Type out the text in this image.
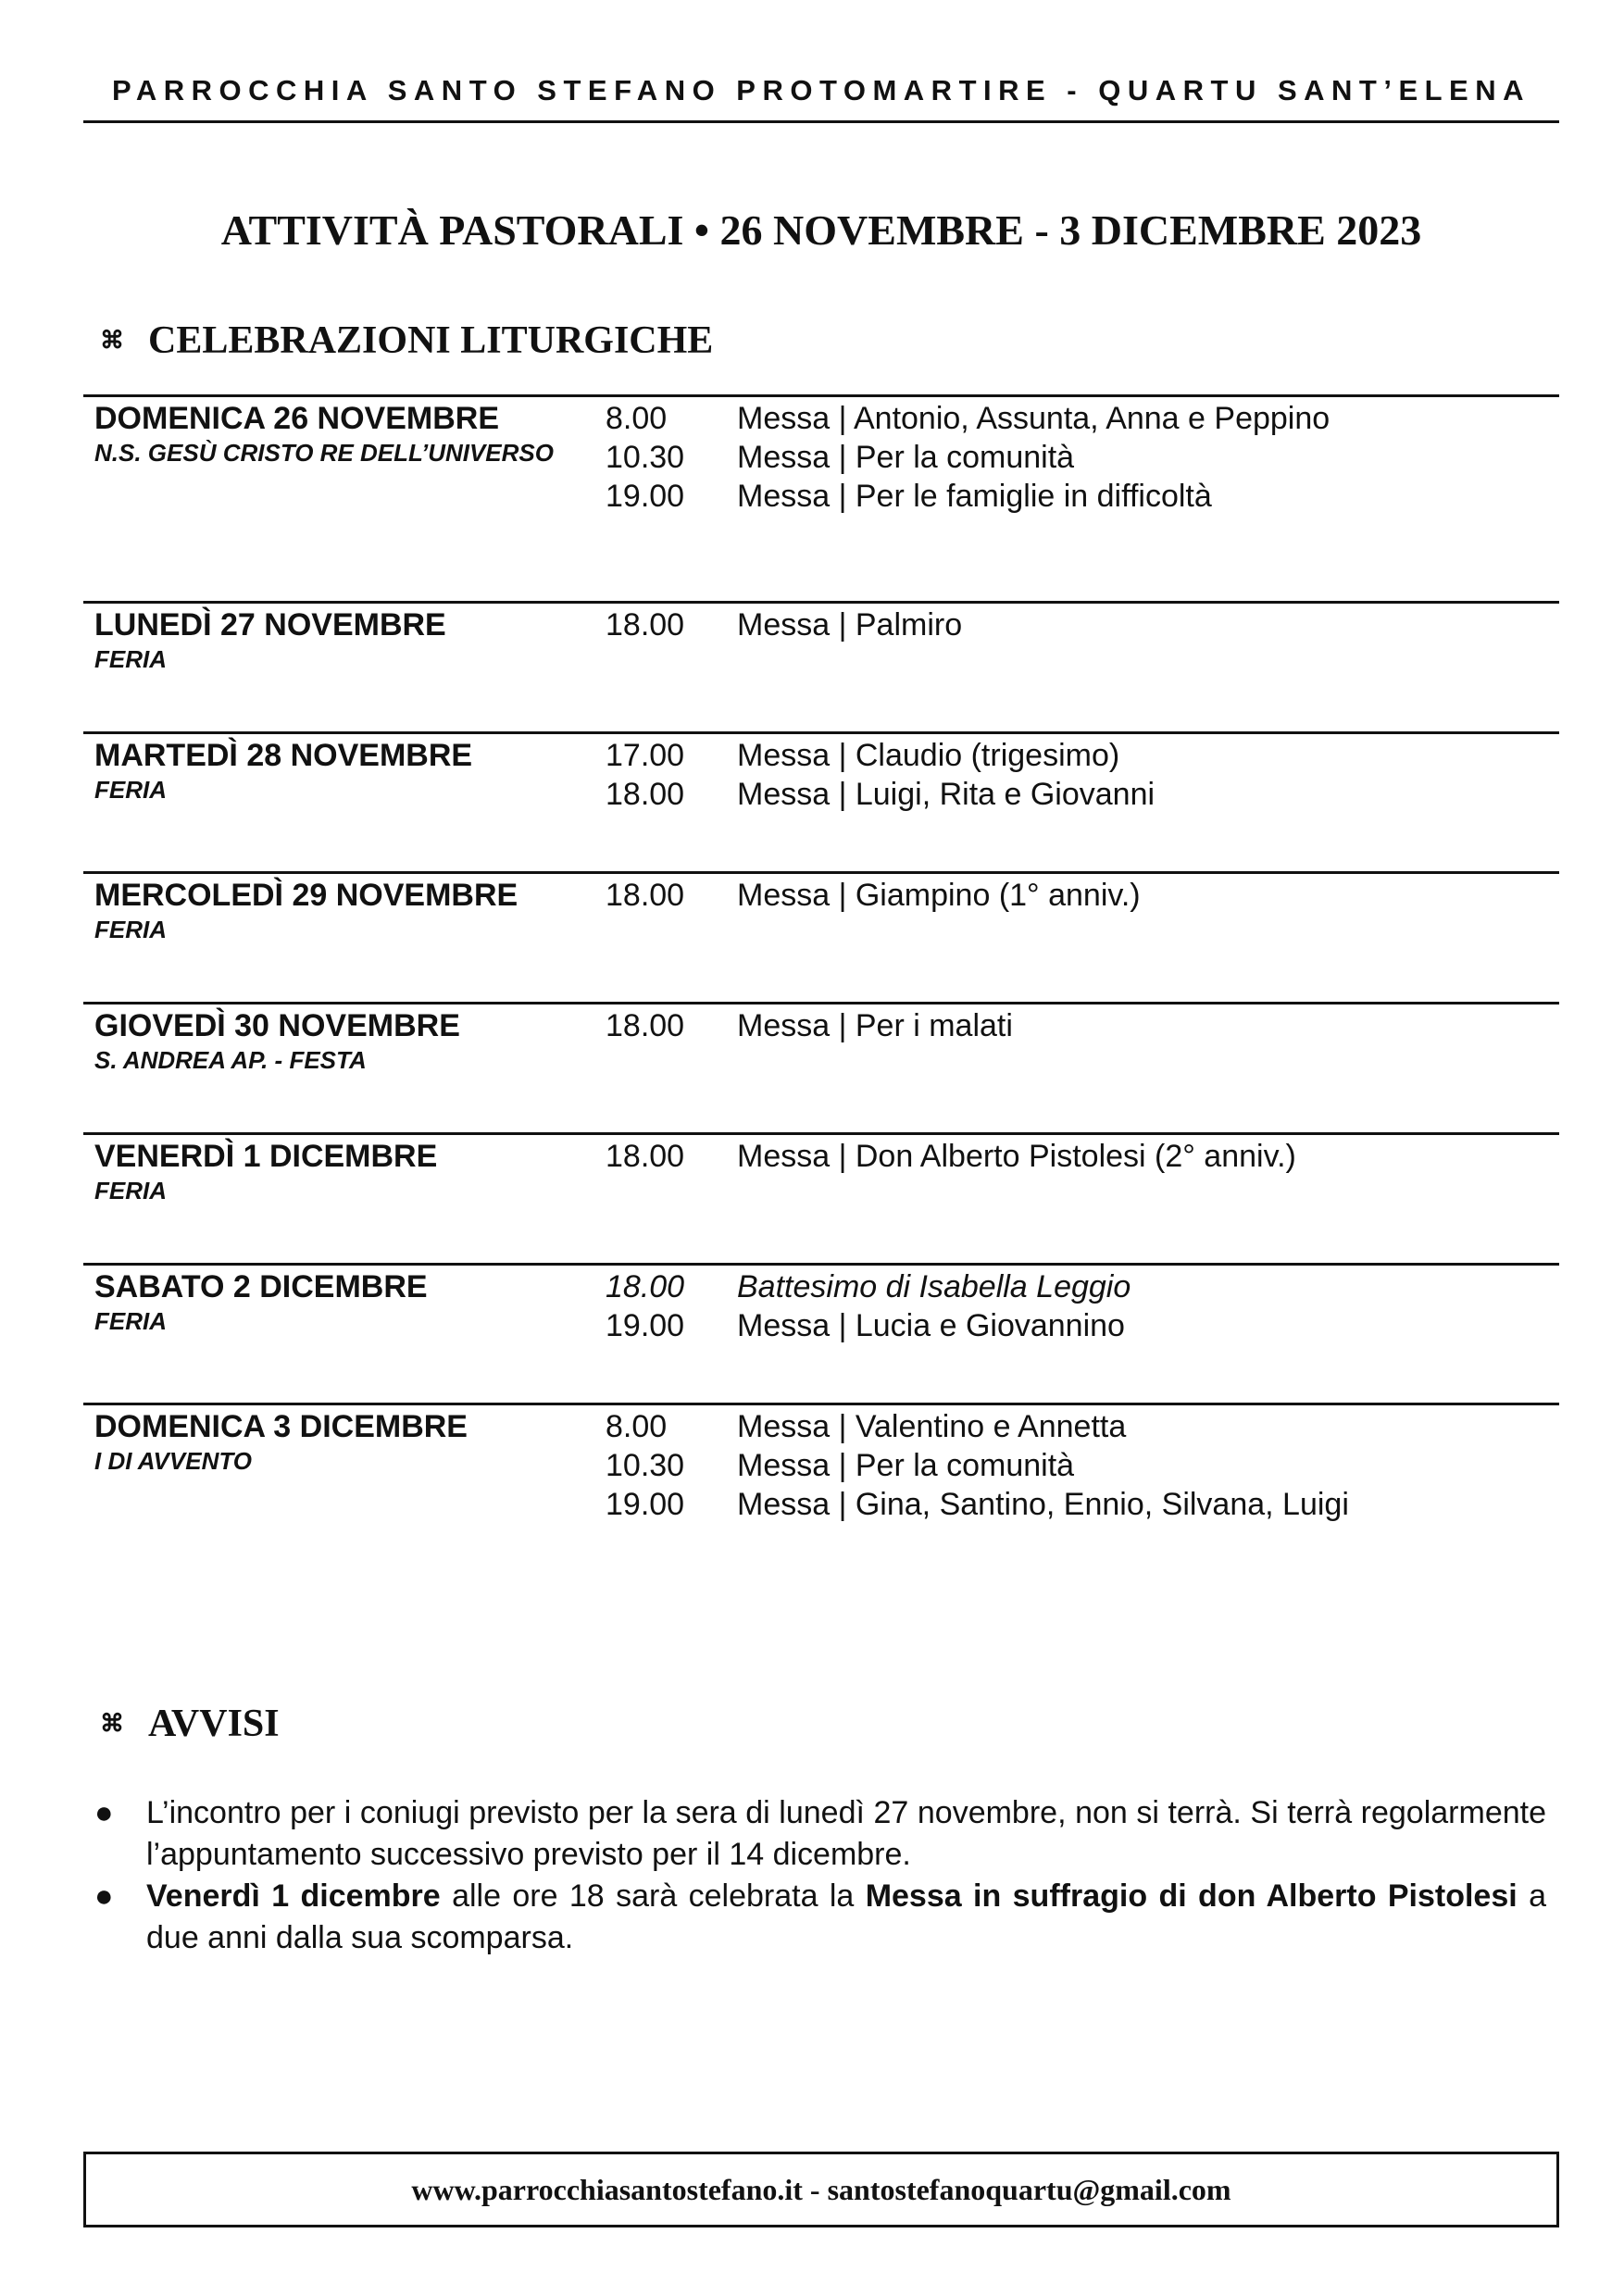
PARROCCHIA SANTO STEFANO PROTOMARTIRE - QUARTU SANT’ELENA
ATTIVITÀ PASTORALI • 26 NOVEMBRE - 3 DICEMBRE 2023
⌘ CELEBRAZIONI LITURGICHE
DOMENICA 26 NOVEMBRE
N.S. GESÙ CRISTO RE DELL’UNIVERSO
8.00	Messa | Antonio, Assunta, Anna e Peppino
10.30	Messa | Per la comunità
19.00	Messa | Per le famiglie in difficoltà
LUNEDÌ 27 NOVEMBRE
FERIA
18.00	Messa | Palmiro
MARTEDÌ 28 NOVEMBRE
FERIA
17.00	Messa | Claudio (trigesimo)
18.00	Messa | Luigi, Rita e Giovanni
MERCOLEDÌ 29 NOVEMBRE
FERIA
18.00	Messa | Giampino (1° anniv.)
GIOVEDÌ 30 NOVEMBRE
S. ANDREA AP. - FESTA
18.00	Messa | Per i malati
VENERDÌ 1 DICEMBRE
FERIA
18.00	Messa | Don Alberto Pistolesi (2° anniv.)
SABATO 2 DICEMBRE
FERIA
18.00	Battesimo di Isabella Leggio
19.00	Messa | Lucia e Giovannino
DOMENICA 3 DICEMBRE
I DI AVVENTO
8.00	Messa | Valentino e Annetta
10.30	Messa | Per la comunità
19.00	Messa | Gina, Santino, Ennio, Silvana, Luigi
⌘ AVVISI
● L’incontro per i coniugi previsto per la sera di lunedì 27 novembre, non si terrà. Si terrà regolarmente l’appuntamento successivo previsto per il 14 dicembre.
● Venerdì 1 dicembre alle ore 18 sarà celebrata la Messa in suffragio di don Alberto Pistolesi a due anni dalla sua scomparsa.
www.parrocchiasantostefano.it - santostefanoquartu@gmail.com
